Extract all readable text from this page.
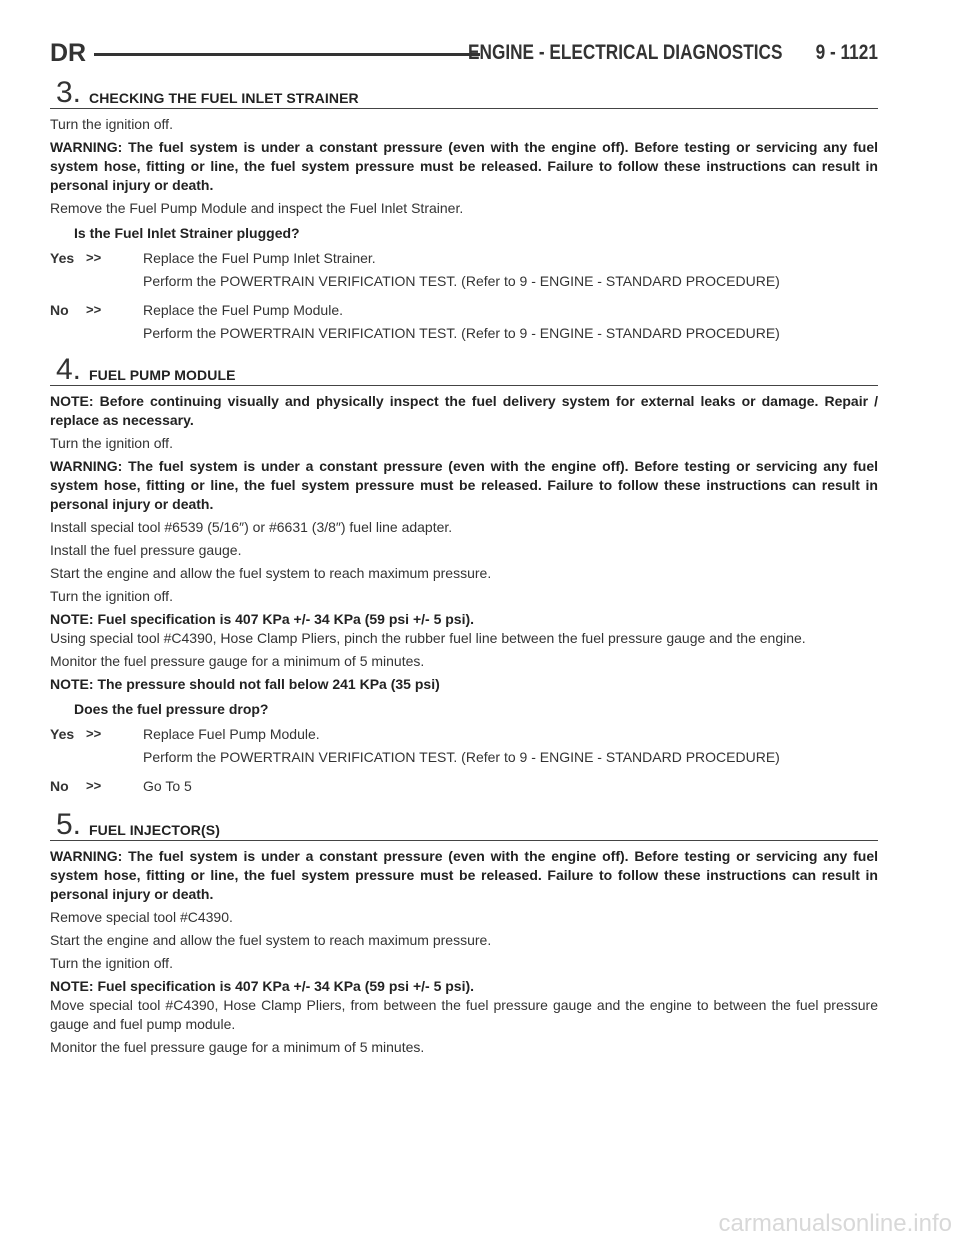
DR	ENGINE - ELECTRICAL DIAGNOSTICS 9 - 1121
3. CHECKING THE FUEL INLET STRAINER

Turn the ignition off.

WARNING: The fuel system is under a constant pressure (even with the engine off). Before testing or servicing any fuel system hose, fitting or line, the fuel system pressure must be released. Failure to follow these instructions can result in personal injury or death.

Remove the Fuel Pump Module and inspect the Fuel Inlet Strainer.

Is the Fuel Inlet Strainer plugged?

Yes >>	Replace the Fuel Pump Inlet Strainer.

Perform the POWERTRAIN VERIFICATION TEST. (Refer to 9 - ENGINE - STANDARD PROCEDURE)

No >>	Replace the Fuel Pump Module.

Perform the POWERTRAIN VERIFICATION TEST. (Refer to 9 - ENGINE - STANDARD PROCEDURE)

4. FUEL PUMP MODULE

NOTE: Before continuing visually and physically inspect the fuel delivery system for external leaks or damage. Repair / replace as necessary.

Turn the ignition off.

WARNING: The fuel system is under a constant pressure (even with the engine off). Before testing or servicing any fuel system hose, fitting or line, the fuel system pressure must be released. Failure to follow these instructions can result in personal injury or death.

Install special tool #6539 (5/16″) or #6631 (3/8″) fuel line adapter.

Install the fuel pressure gauge.

Start the engine and allow the fuel system to reach maximum pressure.

Turn the ignition off.

NOTE: Fuel specification is 407 KPa +/- 34 KPa (59 psi +/- 5 psi).

Using special tool #C4390, Hose Clamp Pliers, pinch the rubber fuel line between the fuel pressure gauge and the engine.

Monitor the fuel pressure gauge for a minimum of 5 minutes.

NOTE: The pressure should not fall below 241 KPa (35 psi)

Does the fuel pressure drop?

Yes >>	Replace Fuel Pump Module.

Perform the POWERTRAIN VERIFICATION TEST. (Refer to 9 - ENGINE - STANDARD PROCEDURE)

No >>	Go To 5
5. FUEL INJECTOR(S)

WARNING: The fuel system is under a constant pressure (even with the engine off). Before testing or servicing any fuel system hose, fitting or line, the fuel system pressure must be released. Failure to follow these instructions can result in personal injury or death.

Remove special tool #C4390.

Start the engine and allow the fuel system to reach maximum pressure.

Turn the ignition off.

NOTE: Fuel specification is 407 KPa +/- 34 KPa (59 psi +/- 5 psi).

Move special tool #C4390, Hose Clamp Pliers, from between the fuel pressure gauge and the engine to between the fuel pressure gauge and fuel pump module.

Monitor the fuel pressure gauge for a minimum of 5 minutes.

carmanualsonline.info
